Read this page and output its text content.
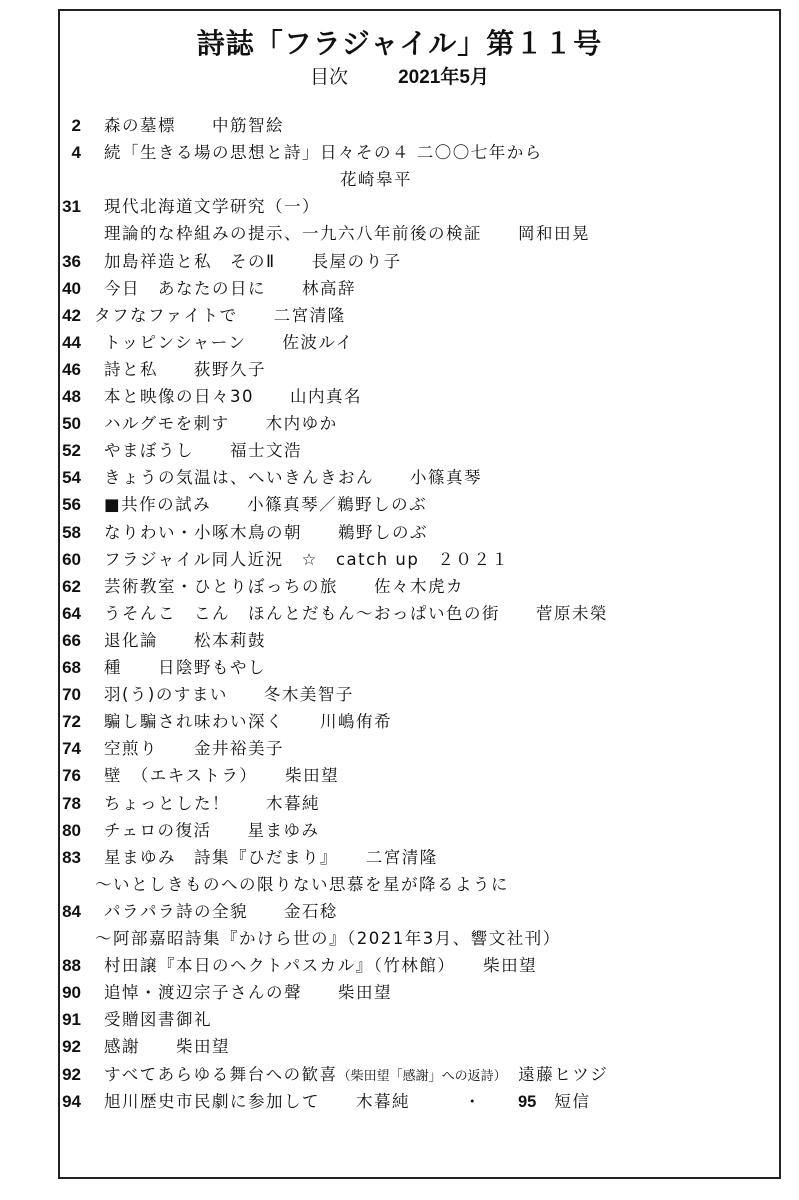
詩誌「フラジャイル」第１１号
目次	2021年5月
2 森の墓標　　中筋智絵
4 続「生きる場の思想と詩」日々その４ 二〇〇七年から
花崎皋平
31 現代北海道文学研究（一）
理論的な枠組みの提示、一九六八年前後の検証　　岡和田晃
36 加島祥造と私　そのⅡ　　長屋のり子
40 今日　あなたの日に　　林高辞
42 タフなファイトで　　二宮清隆
44 トッピンシャーン　　佐波ルイ
46 詩と私　　荻野久子
48 本と映像の日々30　　山内真名
50 ハルグモを刺す　　木内ゆか
52 やまぼうし　　福士文浩
54 きょうの気温は、へいきんきおん　　小篠真琴
56 ■共作の試み　　小篠真琴／鵜野しのぶ
58 なりわい・小啄木鳥の朝　　鵜野しのぶ
60 フラジャイル同人近況　☆　catch up　２０２１
62 芸術教室・ひとりぼっちの旅　　佐々木虎カ
64 うそんこ　こん　ほんとだもん～おっぱい色の街　　菅原未榮
66 退化論　　松本莉鼓
68 種　　日陰野もやし
70 羽(う)のすまい　　冬木美智子
72 騙し騙され味わい深く　　川嶋侑希
74 空煎り　　金井裕美子
76 壁　（エキストラ）　　柴田望
78 ちょっとした！　　木暮純
80 チェロの復活　　星まゆみ
83 星まゆみ　詩集『ひだまり』　　二宮清隆
～いとしきものへの限りない思慕を星が降るように
84 パラパラ詩の全貌　　金石稔
～阿部嘉昭詩集『かけら世の』（2021年3月、響文社刊）
88 村田譲『本日のヘクトパスカル』（竹林館）　　柴田望
90 追悼・渡辺宗子さんの聲　　柴田望
91 受贈図書御礼
92 感謝　　柴田望
92 すべてあらゆる舞台への歓喜（柴田望「感謝」への返詩）　遠藤ヒツジ
94 旭川歴史市民劇に参加して　　木暮純　　　・　　95　短信
